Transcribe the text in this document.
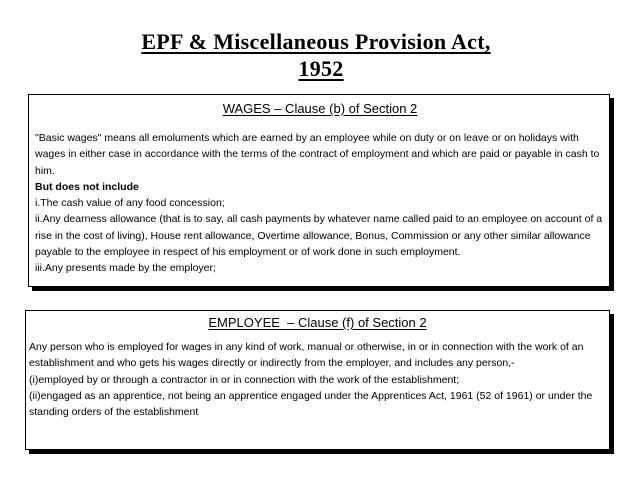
EPF & Miscellaneous Provision Act,
1952
WAGES – Clause (b) of Section 2

"Basic wages" means all emoluments which are earned by an employee while on duty or on leave or on holidays with wages in either case in accordance with the terms of the contract of employment and which are paid or payable in cash to him.

But does not include

i.The cash value of any food concession;

ii.Any dearness allowance (that is to say, all cash payments by whatever name called paid to an employee on account of a rise in the cost of living), House rent allowance, Overtime allowance, Bonus, Commission or any other similar allowance payable to the employee in respect of his employment or of work done in such employment.

iii.Any presents made by the employer;

EMPLOYEE  – Clause (f) of Section 2

Any person who is employed for wages in any kind of work, manual or otherwise, in or in connection with the work of an establishment and who gets his wages directly or indirectly from the employer, and includes any person,-

(i)employed by or through a contractor in or in connection with the work of the establishment;

(ii)engaged as an apprentice, not being an apprentice engaged under the Apprentices Act, 1961 (52 of 1961) or under the standing orders of the establishment
